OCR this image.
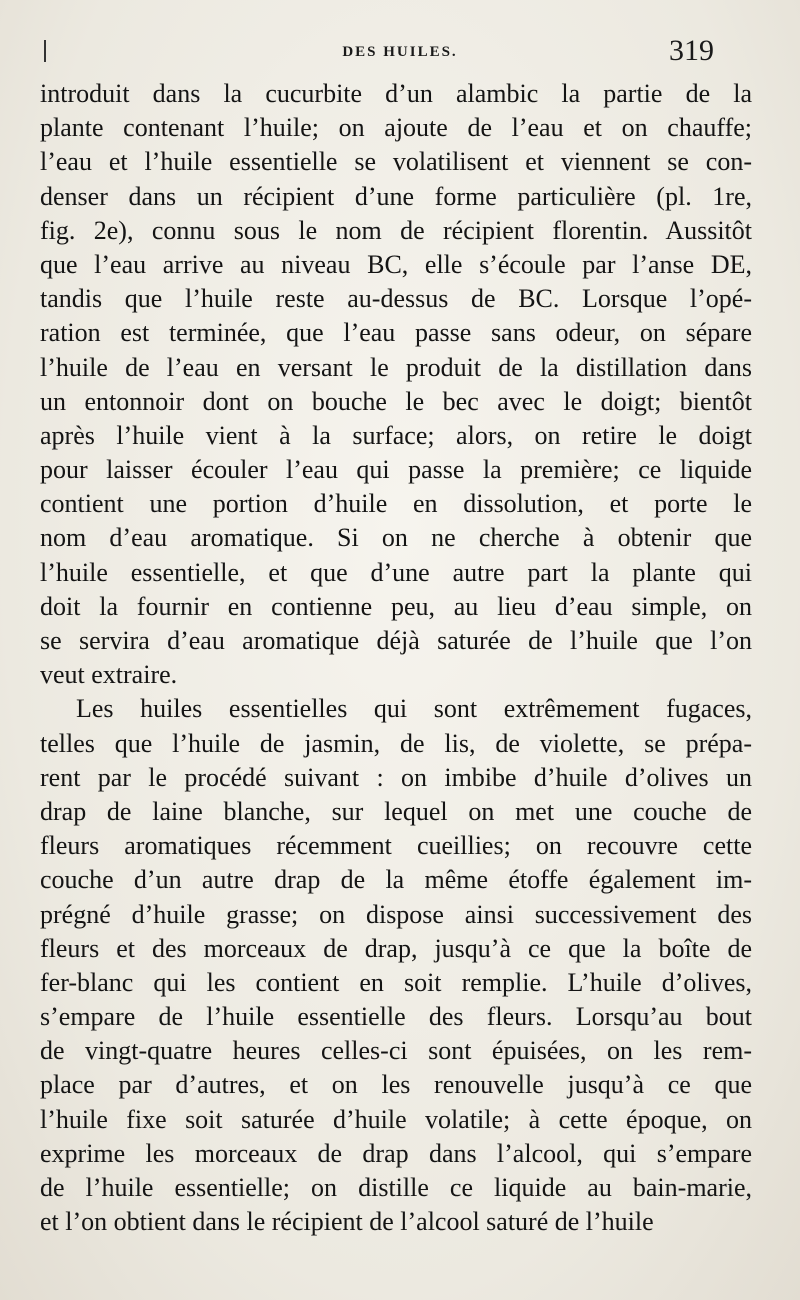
DES HUILES.	319
introduit dans la cucurbite d’un alambic la partie de la
plante contenant l’huile; on ajoute de l’eau et on chauffe;
l’eau et l’huile essentielle se volatilisent et viennent se con-
denser dans un récipient d’une forme particulière (pl. 1re,
fig. 2e), connu sous le nom de récipient florentin. Aussitôt
que l’eau arrive au niveau BC, elle s’écoule par l’anse DE,
tandis que l’huile reste au-dessus de BC. Lorsque l’opé-
ration est terminée, que l’eau passe sans odeur, on sépare
l’huile de l’eau en versant le produit de la distillation dans
un entonnoir dont on bouche le bec avec le doigt; bientôt
après l’huile vient à la surface; alors, on retire le doigt
pour laisser écouler l’eau qui passe la première; ce liquide
contient une portion d’huile en dissolution, et porte le
nom d’eau aromatique. Si on ne cherche à obtenir que
l’huile essentielle, et que d’une autre part la plante qui
doit la fournir en contienne peu, au lieu d’eau simple, on
se servira d’eau aromatique déjà saturée de l’huile que l’on
veut extraire.
Les huiles essentielles qui sont extrêmement fugaces,
telles que l’huile de jasmin, de lis, de violette, se prépa-
rent par le procédé suivant : on imbibe d’huile d’olives un
drap de laine blanche, sur lequel on met une couche de
fleurs aromatiques récemment cueillies; on recouvre cette
couche d’un autre drap de la même étoffe également im-
prégné d’huile grasse; on dispose ainsi successivement des
fleurs et des morceaux de drap, jusqu’à ce que la boîte de
fer-blanc qui les contient en soit remplie. L’huile d’olives,
s’empare de l’huile essentielle des fleurs. Lorsqu’au bout
de vingt-quatre heures celles-ci sont épuisées, on les rem-
place par d’autres, et on les renouvelle jusqu’à ce que
l’huile fixe soit saturée d’huile volatile; à cette époque, on
exprime les morceaux de drap dans l’alcool, qui s’empare
de l’huile essentielle; on distille ce liquide au bain-marie,
et l’on obtient dans le récipient de l’alcool saturé de l’huile
